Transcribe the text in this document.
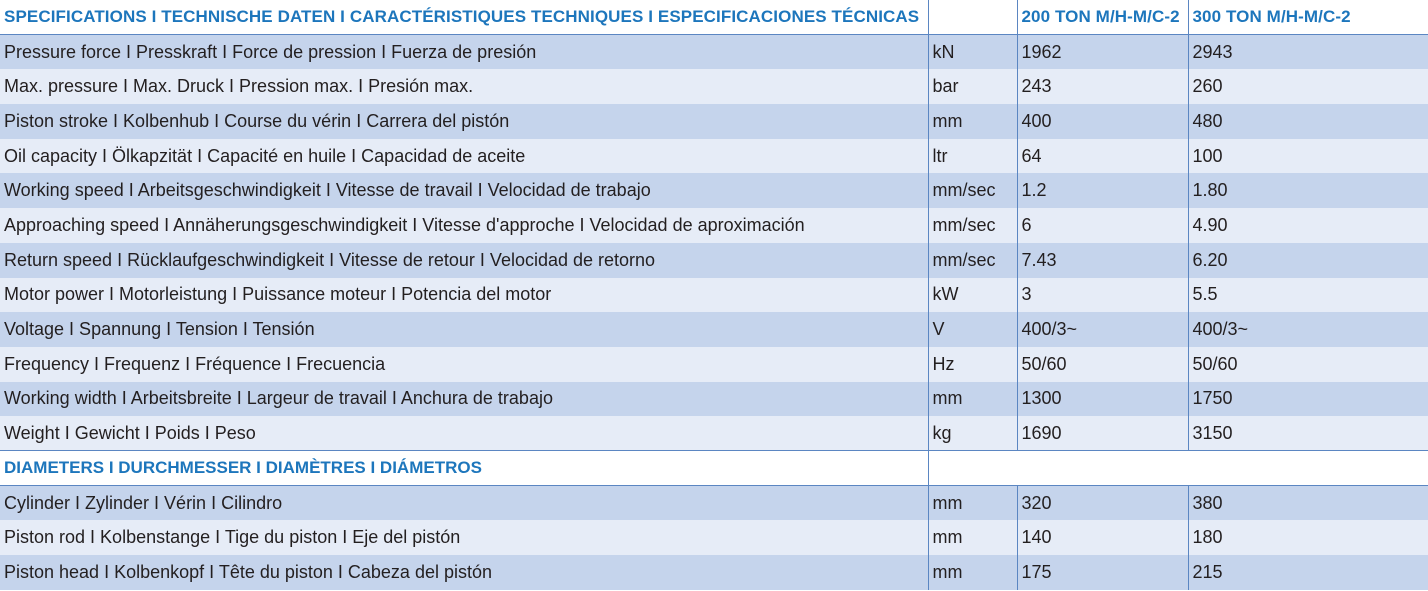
SPECIFICATIONS I TECHNISCHE DATEN I CARACTÉRISTIQUES TECHNIQUES I ESPECIFICACIONES TÉCNICAS		200 TON M/H-M/C-2	300 TON M/H-M/C-2
Pressure force I Presskraft I Force de pression I Fuerza de presión	kN	1962	2943
Max. pressure I Max. Druck I Pression max. I Presión max.	bar	243	260
Piston stroke I Kolbenhub I Course du vérin I Carrera del pistón	mm	400	480
Oil capacity I Ölkapzität I Capacité en huile I Capacidad de aceite	ltr	64	100
Working speed I Arbeitsgeschwindigkeit I Vitesse de travail I Velocidad de trabajo	mm/sec	1.2	1.80
Approaching speed I Annäherungsgeschwindigkeit I Vitesse d'approche I Velocidad de aproximación	mm/sec	6	4.90
Return speed I Rücklaufgeschwindigkeit I Vitesse de retour I Velocidad de retorno	mm/sec	7.43	6.20
Motor power I Motorleistung I Puissance moteur I Potencia del motor	kW	3	5.5
Voltage I Spannung I Tension I Tensión	V	400/3~	400/3~
Frequency I Frequenz I Fréquence I Frecuencia	Hz	50/60	50/60
Working width I Arbeitsbreite I Largeur de travail I Anchura de trabajo	mm	1300	1750
Weight I Gewicht I Poids I Peso	kg	1690	3150
DIAMETERS I DURCHMESSER I DIAMÈTRES I DIÁMETROS			
Cylinder I Zylinder I Vérin I Cilindro	mm	320	380
Piston rod I Kolbenstange I Tige du piston I Eje del pistón	mm	140	180
Piston head I Kolbenkopf I Tête du piston I Cabeza del pistón	mm	175	215
